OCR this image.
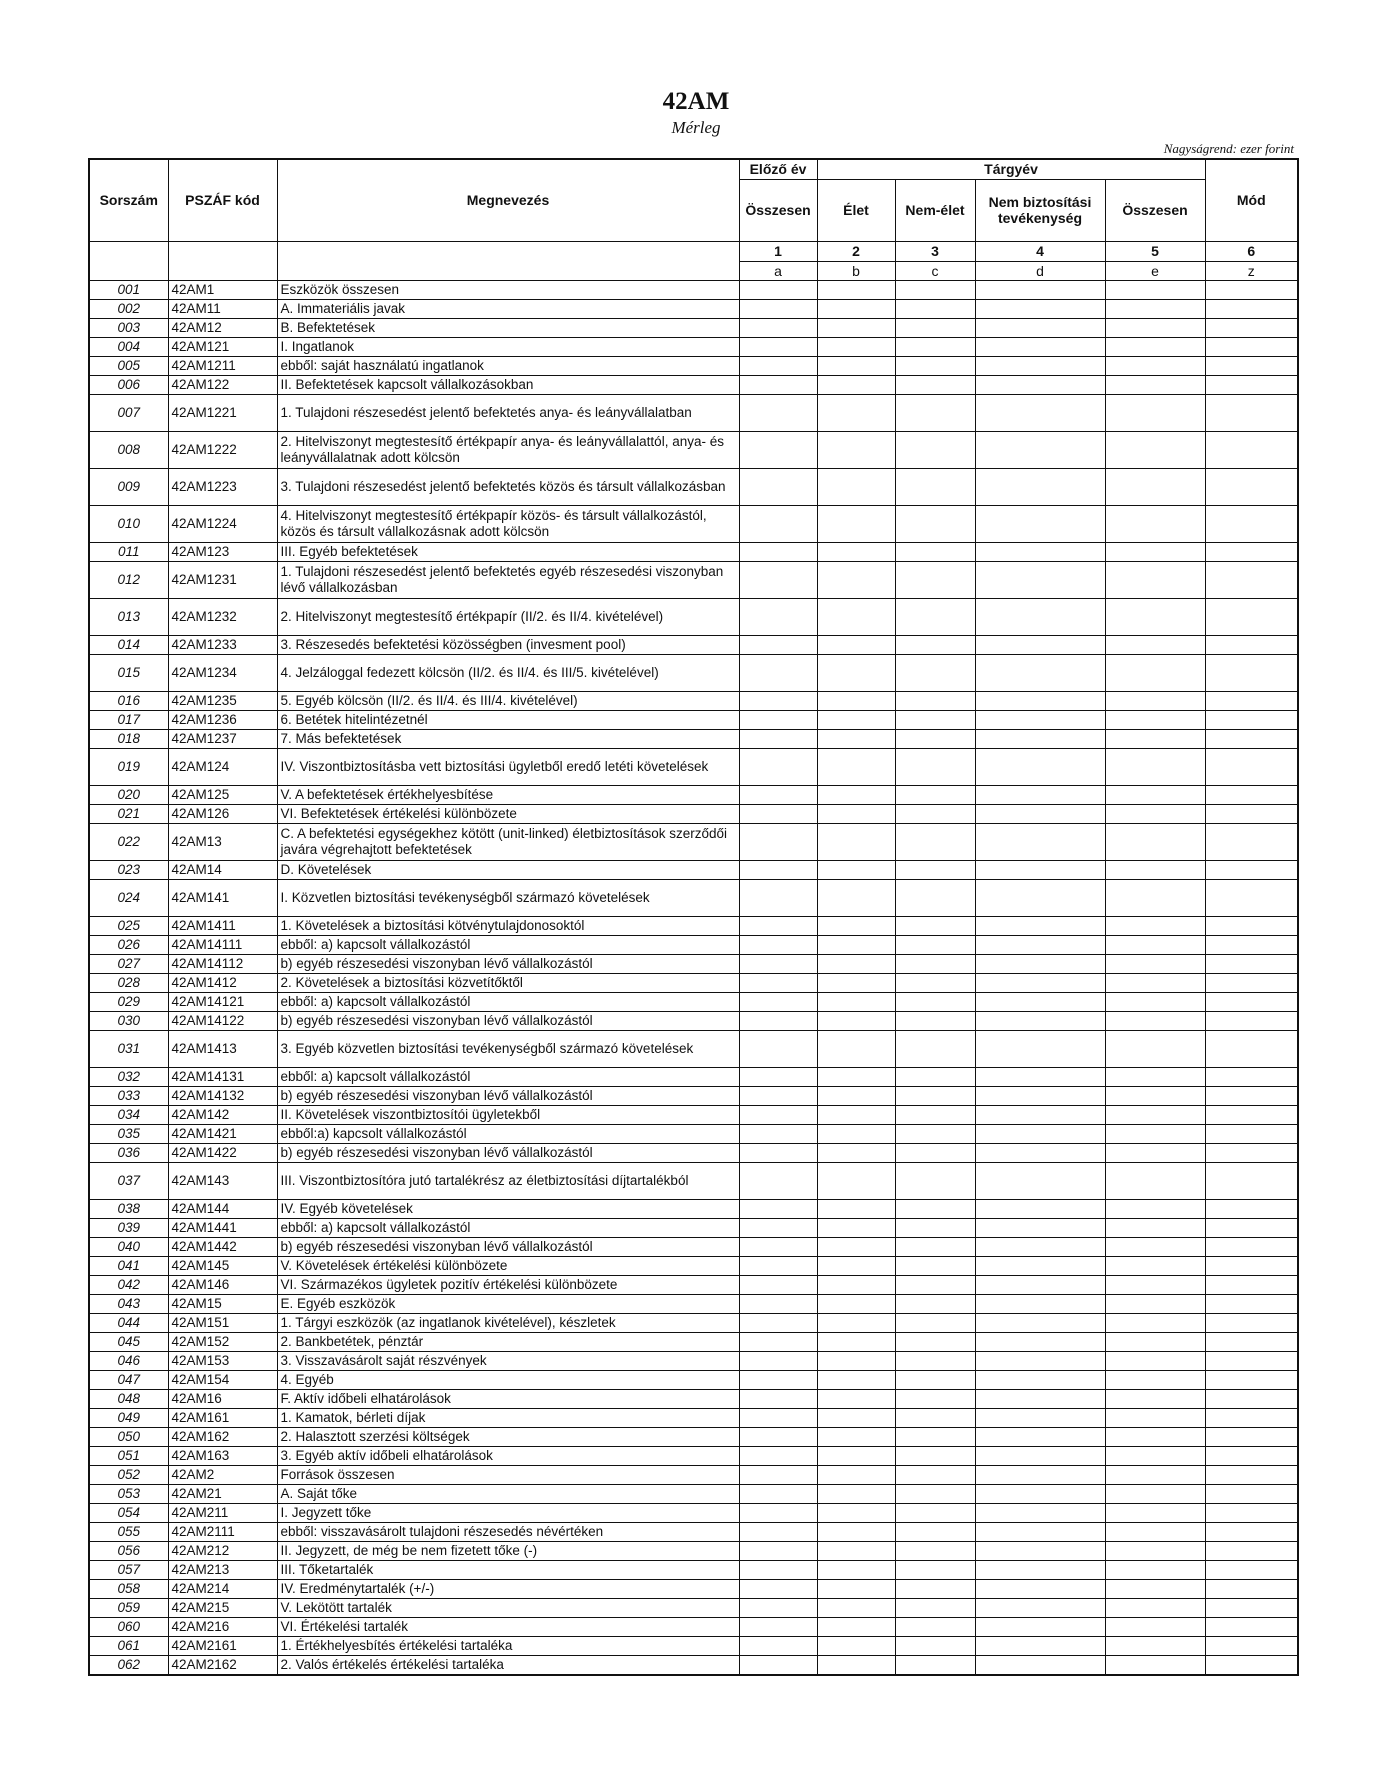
42AM
Mérleg
Nagyságrend: ezer forint
Sorszám	PSZÁF kód	Megnevezés	Előző év	Tárgyév				Mód
			Összesen	Élet	Nem-élet	Nem biztosítási tevékenység	Összesen	
			1	2	3	4	5	6
			a	b	c	d	e	z
001	42AM1	Eszközök összesen						
002	42AM11	A. Immateriális javak						
003	42AM12	B. Befektetések						
004	42AM121	I. Ingatlanok						
005	42AM1211	ebből: saját használatú ingatlanok						
006	42AM122	II. Befektetések kapcsolt vállalkozásokban						
007	42AM1221	1. Tulajdoni részesedést jelentő befektetés anya- és leányvállalatban						
008	42AM1222	2. Hitelviszonyt megtestesítő értékpapír anya- és leányvállalattól, anya- és leányvállalatnak adott kölcsön						
009	42AM1223	3. Tulajdoni részesedést jelentő befektetés közös és társult vállalkozásban						
010	42AM1224	4. Hitelviszonyt megtestesítő értékpapír közös- és társult vállalkozástól, közös és társult vállalkozásnak adott kölcsön						
011	42AM123	III. Egyéb befektetések						
012	42AM1231	1. Tulajdoni részesedést jelentő befektetés egyéb részesedési viszonyban lévő vállalkozásban						
013	42AM1232	2. Hitelviszonyt megtestesítő értékpapír (II/2. és II/4. kivételével)						
014	42AM1233	3. Részesedés befektetési közösségben (invesment pool)						
015	42AM1234	4. Jelzáloggal fedezett kölcsön (II/2. és II/4. és III/5. kivételével)						
016	42AM1235	5. Egyéb kölcsön (II/2. és II/4. és III/4. kivételével)						
017	42AM1236	6. Betétek hitelintézetnél						
018	42AM1237	7. Más befektetések						
019	42AM124	IV. Viszontbiztosításba vett biztosítási ügyletből eredő letéti követelések						
020	42AM125	V. A befektetések értékhelyesbítése						
021	42AM126	VI. Befektetések értékelési különbözete						
022	42AM13	C. A befektetési egységekhez kötött (unit-linked) életbiztosítások szerződői javára végrehajtott befektetések						
023	42AM14	D. Követelések						
024	42AM141	I. Közvetlen biztosítási tevékenységből származó követelések						
025	42AM1411	1. Követelések a biztosítási kötvénytulajdonosoktól						
026	42AM14111	ebből: a) kapcsolt vállalkozástól						
027	42AM14112	b) egyéb részesedési viszonyban lévő vállalkozástól						
028	42AM1412	2. Követelések a biztosítási közvetítőktől						
029	42AM14121	ebből: a) kapcsolt vállalkozástól						
030	42AM14122	b) egyéb részesedési viszonyban lévő vállalkozástól						
031	42AM1413	3. Egyéb közvetlen biztosítási tevékenységből származó követelések						
032	42AM14131	ebből: a) kapcsolt vállalkozástól						
033	42AM14132	b) egyéb részesedési viszonyban lévő vállalkozástól						
034	42AM142	II. Követelések viszontbiztosítói ügyletekből						
035	42AM1421	ebből:a) kapcsolt vállalkozástól						
036	42AM1422	b) egyéb részesedési viszonyban lévő vállalkozástól						
037	42AM143	III. Viszontbiztosítóra jutó tartalékrész az életbiztosítási díjtartalékból						
038	42AM144	IV. Egyéb követelések						
039	42AM1441	ebből: a) kapcsolt vállalkozástól						
040	42AM1442	b) egyéb részesedési viszonyban lévő vállalkozástól						
041	42AM145	V. Követelések értékelési különbözete						
042	42AM146	VI. Származékos ügyletek pozitív értékelési különbözete						
043	42AM15	E. Egyéb eszközök						
044	42AM151	1. Tárgyi eszközök (az ingatlanok kivételével), készletek						
045	42AM152	2. Bankbetétek, pénztár						
046	42AM153	3. Visszavásárolt saját részvények						
047	42AM154	4. Egyéb						
048	42AM16	F. Aktív időbeli elhatárolások						
049	42AM161	1. Kamatok, bérleti díjak						
050	42AM162	2. Halasztott szerzési költségek						
051	42AM163	3. Egyéb aktív időbeli elhatárolások						
052	42AM2	Források összesen						
053	42AM21	A. Saját tőke						
054	42AM211	I. Jegyzett tőke						
055	42AM2111	ebből: visszavásárolt tulajdoni részesedés névértéken						
056	42AM212	II. Jegyzett, de még be nem fizetett tőke (-)						
057	42AM213	III. Tőketartalék						
058	42AM214	IV. Eredménytartalék (+/-)						
059	42AM215	V. Lekötött tartalék						
060	42AM216	VI. Értékelési tartalék						
061	42AM2161	1. Értékhelyesbítés értékelési tartaléka						
062	42AM2162	2. Valós értékelés értékelési tartaléka						
